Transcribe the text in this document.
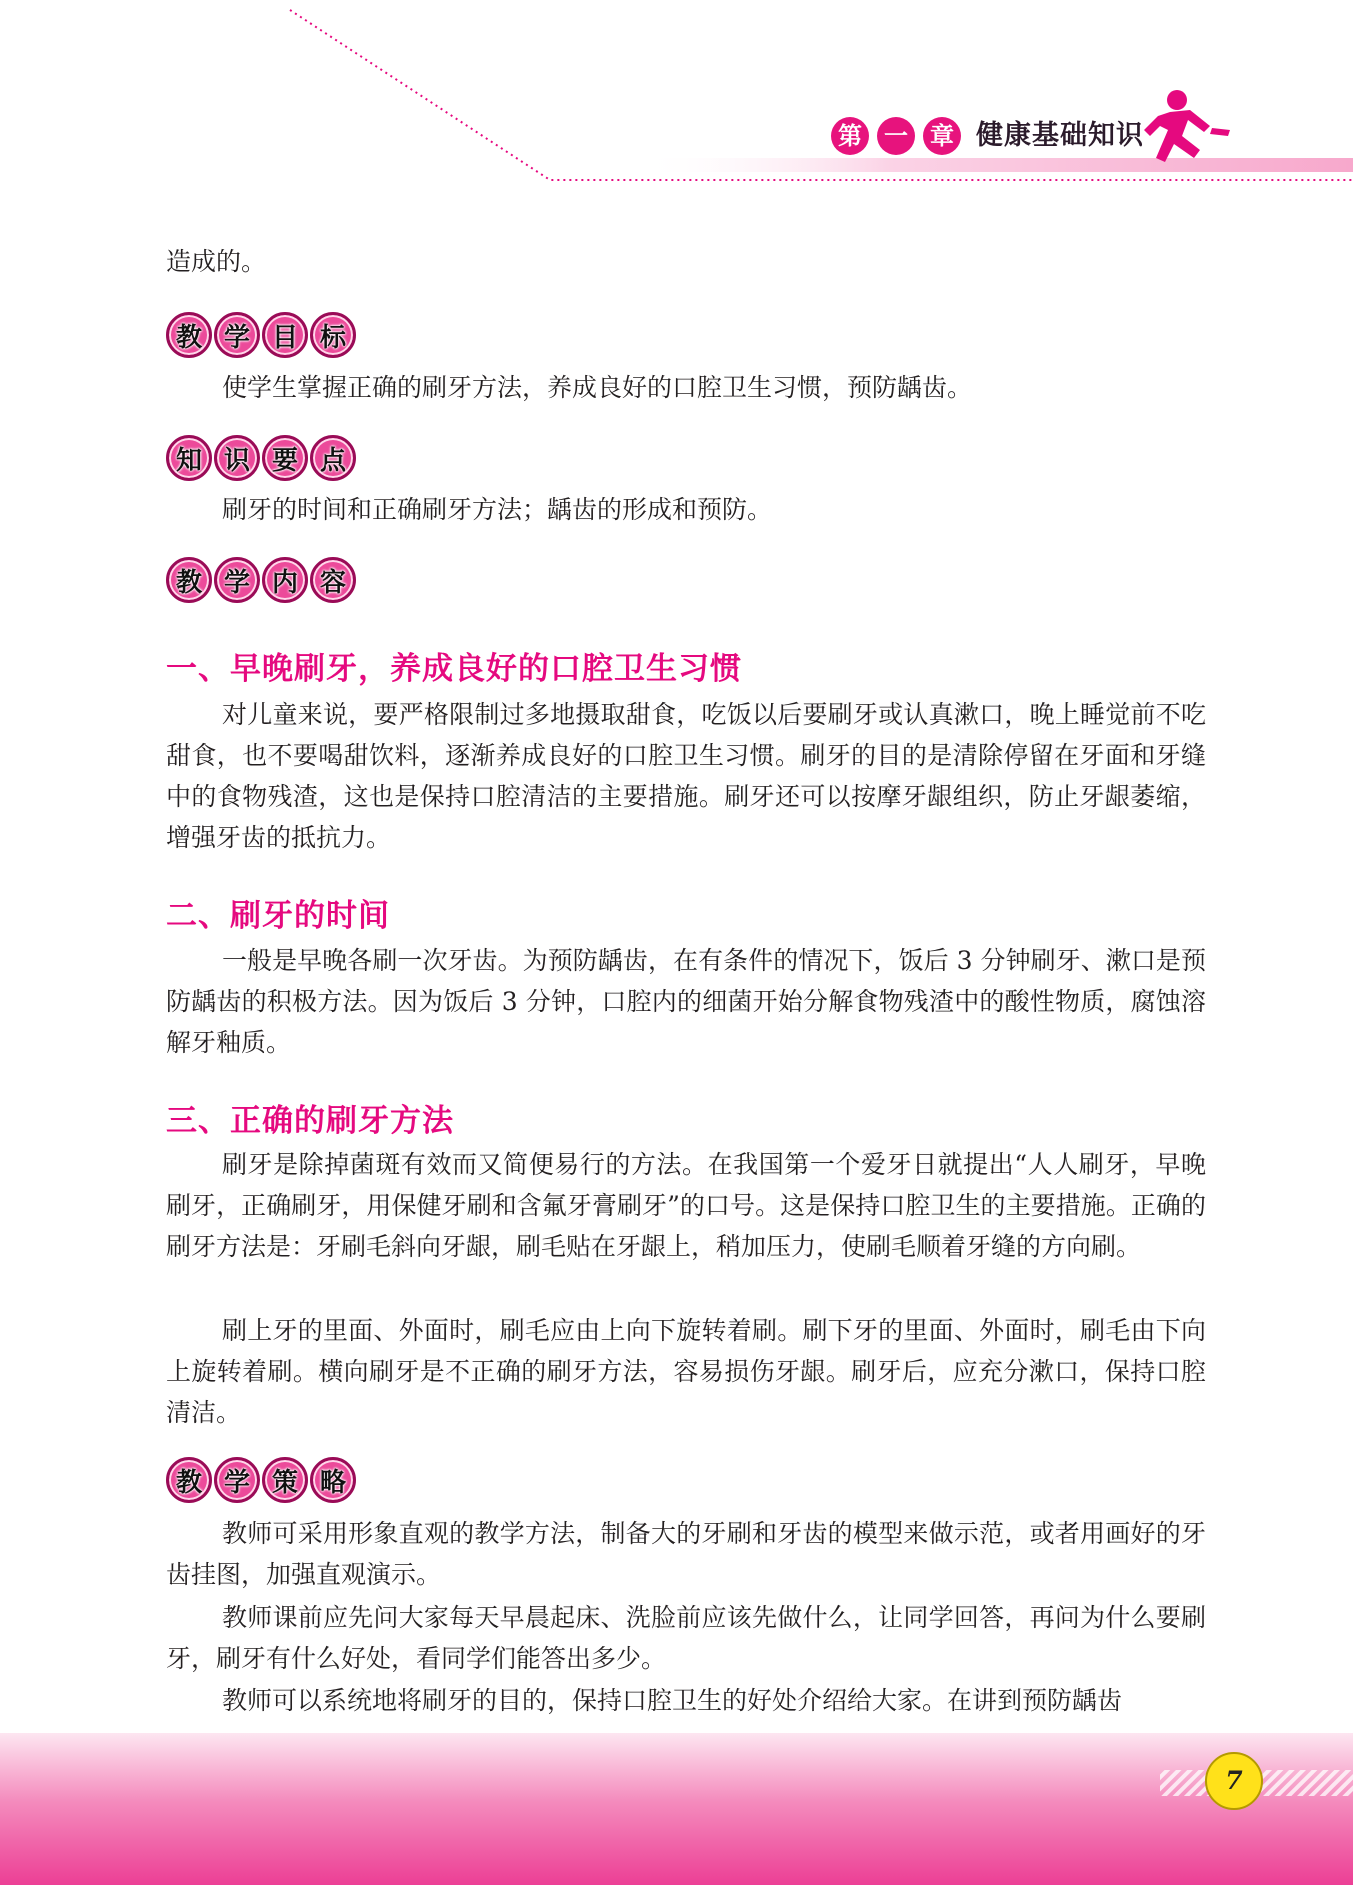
第 一 章 健康基础知识
造成的。
教 学 目 标
使学生掌握正确的刷牙方法，养成良好的口腔卫生习惯，预防龋齿。
知 识 要 点
刷牙的时间和正确刷牙方法；龋齿的形成和预防。
教 学 内 容
一、早晚刷牙，养成良好的口腔卫生习惯
对儿童来说，要严格限制过多地摄取甜食，吃饭以后要刷牙或认真漱口，晚上睡觉前不吃甜食，也不要喝甜饮料，逐渐养成良好的口腔卫生习惯。刷牙的目的是清除停留在牙面和牙缝中的食物残渣，这也是保持口腔清洁的主要措施。刷牙还可以按摩牙龈组织，防止牙龈萎缩，增强牙齿的抵抗力。
二、刷牙的时间
一般是早晚各刷一次牙齿。为预防龋齿，在有条件的情况下，饭后 3 分钟刷牙、漱口是预防龋齿的积极方法。因为饭后 3 分钟，口腔内的细菌开始分解食物残渣中的酸性物质，腐蚀溶解牙釉质。
三、正确的刷牙方法
刷牙是除掉菌斑有效而又简便易行的方法。在我国第一个爱牙日就提出“人人刷牙，早晚刷牙，正确刷牙，用保健牙刷和含氟牙膏刷牙”的口号。这是保持口腔卫生的主要措施。正确的刷牙方法是：牙刷毛斜向牙龈，刷毛贴在牙龈上，稍加压力，使刷毛顺着牙缝的方向刷。
刷上牙的里面、外面时，刷毛应由上向下旋转着刷。刷下牙的里面、外面时，刷毛由下向上旋转着刷。横向刷牙是不正确的刷牙方法，容易损伤牙龈。刷牙后，应充分漱口，保持口腔清洁。
教 学 策 略
教师可采用形象直观的教学方法，制备大的牙刷和牙齿的模型来做示范，或者用画好的牙齿挂图，加强直观演示。
教师课前应先问大家每天早晨起床、洗脸前应该先做什么，让同学回答，再问为什么要刷牙，刷牙有什么好处，看同学们能答出多少。
教师可以系统地将刷牙的目的，保持口腔卫生的好处介绍给大家。在讲到预防龋齿
7
